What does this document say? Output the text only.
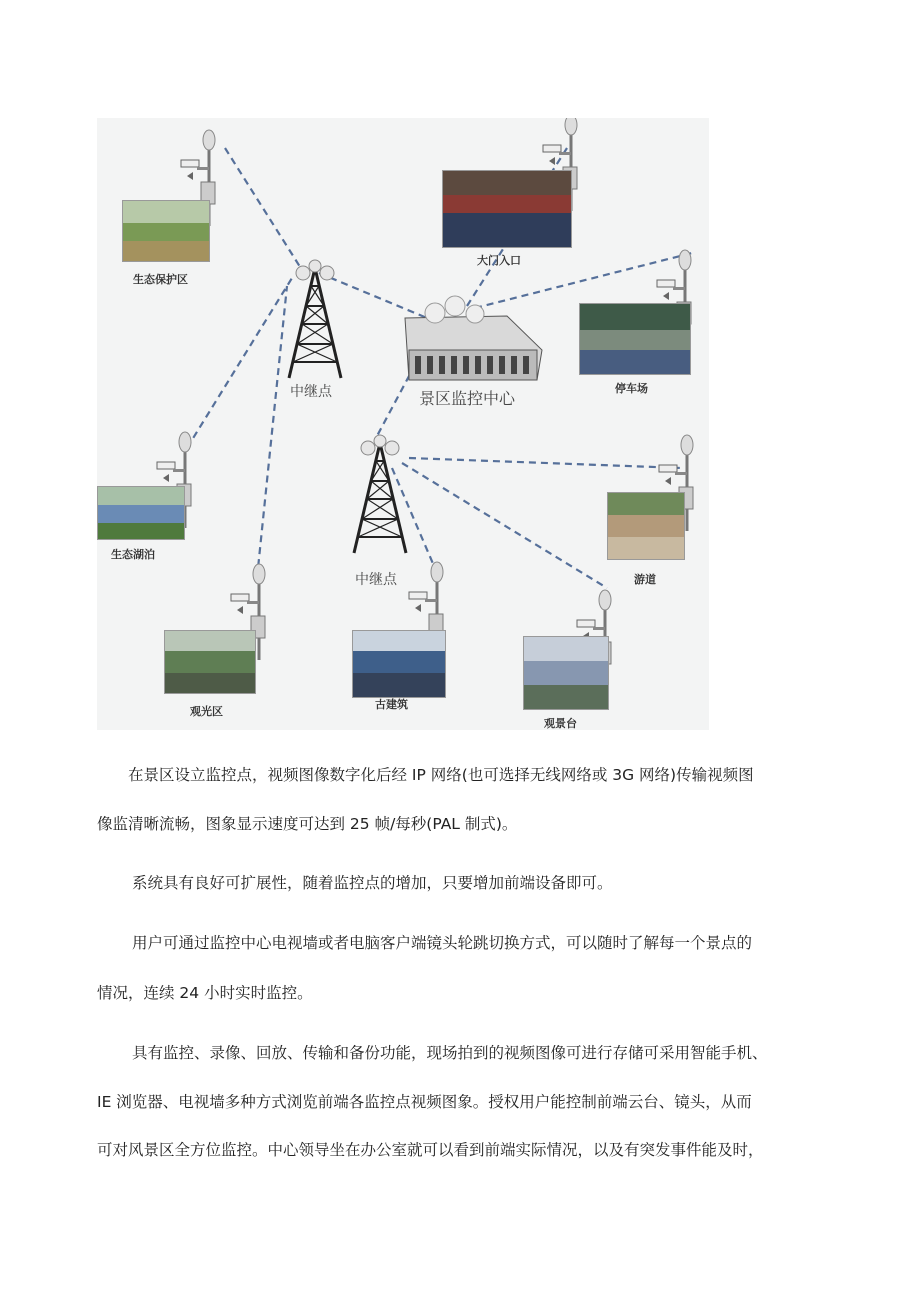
生态保护区
大门入口
停车场
生态湖泊
游道
观光区
古建筑
观景台
中继点
中继点
景区监控中心
在景区设立监控点，视频图像数字化后经 IP 网络(也可选择无线网络或 3G 网络)传输视频图
像监清晰流畅，图象显示速度可达到 25 帧/每秒(PAL 制式)。
系统具有良好可扩展性，随着监控点的增加，只要增加前端设备即可。
用户可通过监控中心电视墙或者电脑客户端镜头轮跳切换方式，可以随时了解每一个景点的
情况，连续 24 小时实时监控。
具有监控、录像、回放、传输和备份功能，现场拍到的视频图像可进行存储可采用智能手机、
IE 浏览器、电视墙多种方式浏览前端各监控点视频图象。授权用户能控制前端云台、镜头，从而
可对风景区全方位监控。中心领导坐在办公室就可以看到前端实际情况，以及有突发事件能及时，
